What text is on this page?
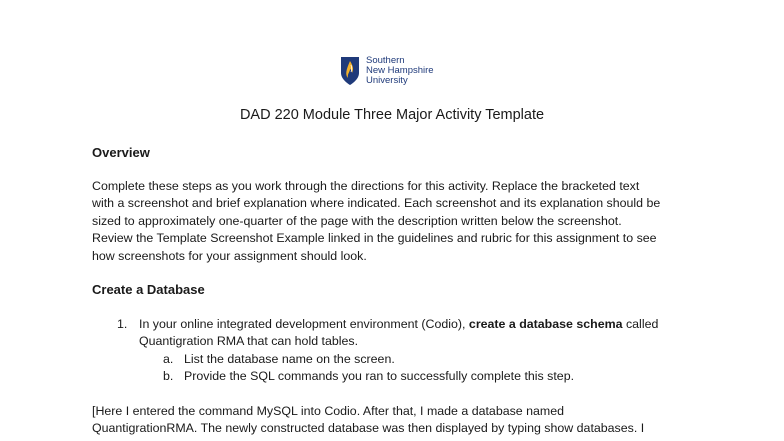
Southern
New Hampshire
University
DAD 220 Module Three Major Activity Template
Overview
Complete these steps as you work through the directions for this activity. Replace the bracketed text
with a screenshot and brief explanation where indicated. Each screenshot and its explanation should be
sized to approximately one-quarter of the page with the description written below the screenshot.
Review the Template Screenshot Example linked in the guidelines and rubric for this assignment to see
how screenshots for your assignment should look.
Create a Database
1. In your online integrated development environment (Codio), create a database schema called
Quantigration RMA that can hold tables.
a. List the database name on the screen.
b. Provide the SQL commands you ran to successfully complete this step.
[Here I entered the command MySQL into Codio. After that, I made a database named
QuantigrationRMA. The newly constructed database was then displayed by typing show databases. I
